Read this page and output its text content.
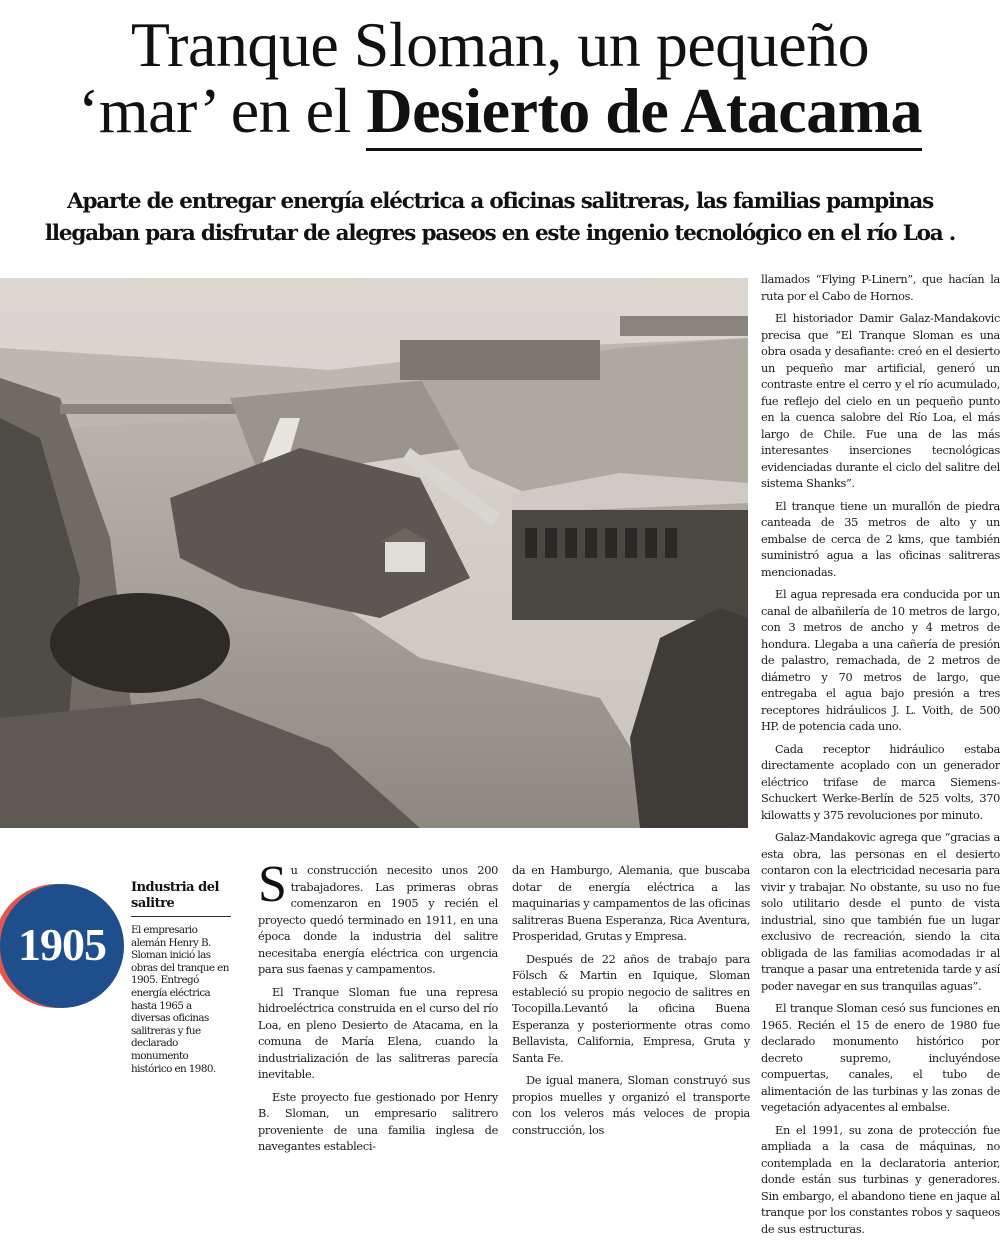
Tranque Sloman, un pequeño
‘mar’ en el Desierto de Atacama
Aparte de entregar energía eléctrica a oficinas salitreras, las familias pampinas llegaban para disfrutar de alegres paseos en este ingenio tecnológico en el río Loa .
1905
Industria del salitre
El empresario alemán Henry B. Sloman inició las obras del tranque en 1905. Entregó energía eléctrica hasta 1965 a diversas oficinas salitreras y fue declarado monumento histórico en 1980.

Su construcción necesito unos 200 trabajadores. Las primeras obras comenzaron en 1905 y recién el proyecto quedó terminado en 1911, en una época donde la industria del salitre necesitaba energía eléctrica con urgencia para sus faenas y campamentos.

El Tranque Sloman fue una represa hidroeléctrica construida en el curso del río Loa, en pleno Desierto de Atacama, en la comuna de María Elena, cuando la industrialización de las salitreras parecía inevitable.

Este proyecto fue gestionado por Henry B. Sloman, un empresario salitrero proveniente de una familia inglesa de navegantes estableci-

da en Hamburgo, Alemania, que buscaba dotar de energía eléctrica a las maquinarias y campamentos de las oficinas salitreras Buena Esperanza, Rica Aventura, Prosperidad, Grutas y Empresa.

Después de 22 años de trabajo para Fölsch & Martin en Iquique, Sloman estableció su propio negocio de salitres en Tocopilla.Levantó la oficina Buena Esperanza y posteriormente otras como Bellavista, California, Empresa, Gruta y Santa Fe.

De igual manera, Sloman construyó sus propios muelles y organizó el transporte con los veleros más veloces de propia construcción, los

llamados “Flying P-Linern”, que hacían la ruta por el Cabo de Hornos.

El historiador Damir Galaz-Mandakovic precisa que “El Tranque Sloman es una obra osada y desafiante: creó en el desierto un pequeño mar artificial, generó un contraste entre el cerro y el río acumulado, fue reflejo del cielo en un pequeño punto en la cuenca salobre del Río Loa, el más largo de Chile. Fue una de las más interesantes inserciones tecnológicas evidenciadas durante el ciclo del salitre del sistema Shanks”.

El tranque tiene un murallón de piedra canteada de 35 metros de alto y un embalse de cerca de 2 kms, que también suministró agua a las oficinas salitreras mencionadas.

El agua represada era conducida por un canal de albañilería de 10 metros de largo, con 3 metros de ancho y 4 metros de hondura. Llegaba a una cañería de presión de palastro, remachada, de 2 metros de diámetro y 70 metros de largo, que entregaba el agua bajo presión a tres receptores hidráulicos J. L. Voith, de 500 HP. de potencia cada uno.

Cada receptor hidráulico estaba directamente acoplado con un generador eléctrico trifase de marca Siemens-Schuckert Werke-Berlín de 525 volts, 370 kilowatts y 375 revoluciones por minuto.

Galaz-Mandakovic agrega que “gracias a esta obra, las personas en el desierto contaron con la electricidad necesaria para vivir y trabajar. No obstante, su uso no fue solo utilitario desde el punto de vista industrial, sino que también fue un lugar exclusivo de recreación, siendo la cita obligada de las familias acomodadas ir al tranque a pasar una entretenida tarde y así poder navegar en sus tranquilas aguas”.

El tranque Sloman cesó sus funciones en 1965. Recién el 15 de enero de 1980 fue declarado monumento histórico por decreto supremo, incluyéndose compuertas, canales, el tubo de alimentación de las turbinas y las zonas de vegetación adyacentes al embalse.

En el 1991, su zona de protección fue ampliada a la casa de máquinas, no contemplada en la declaratoria anterior, donde están sus turbinas y generadores. Sin embargo, el abandono tiene en jaque al tranque por los constantes robos y saqueos de sus estructuras.
